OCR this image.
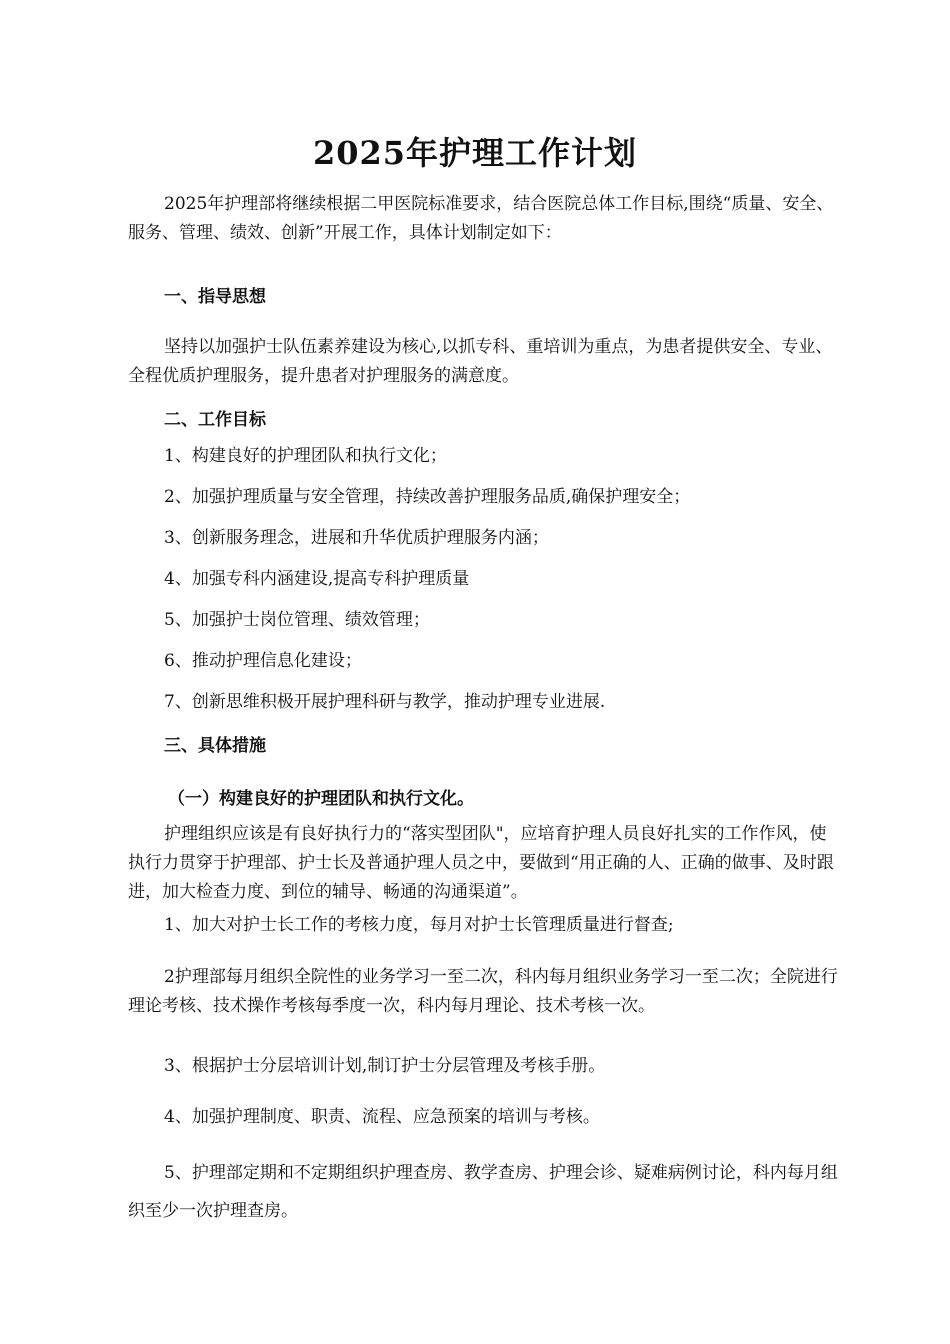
2025年护理工作计划
2025年护理部将继续根据二甲医院标准要求，结合医院总体工作目标,围绕“质量、安全、服务、管理、绩效、创新”开展工作，具体计划制定如下：
一、指导思想
坚持以加强护士队伍素养建设为核心,以抓专科、重培训为重点，为患者提供安全、专业、全程优质护理服务，提升患者对护理服务的满意度。
二、工作目标
1、构建良好的护理团队和执行文化；
2、加强护理质量与安全管理，持续改善护理服务品质,确保护理安全；
3、创新服务理念，进展和升华优质护理服务内涵；
4、加强专科内涵建设,提高专科护理质量
5、加强护士岗位管理、绩效管理；
6、推动护理信息化建设；
7、创新思维积极开展护理科研与教学，推动护理专业进展.
三、具体措施
（一）构建良好的护理团队和执行文化。
护理组织应该是有良好执行力的“落实型团队"，应培育护理人员良好扎实的工作作风，使执行力贯穿于护理部、护士长及普通护理人员之中，要做到“用正确的人、正确的做事、及时跟进，加大检查力度、到位的辅导、畅通的沟通渠道”。
1、加大对护士长工作的考核力度，每月对护士长管理质量进行督查;
2护理部每月组织全院性的业务学习一至二次，科内每月组织业务学习一至二次；全院进行理论考核、技术操作考核每季度一次，科内每月理论、技术考核一次。
3、根据护士分层培训计划,制订护士分层管理及考核手册。
4、加强护理制度、职责、流程、应急预案的培训与考核。
5、护理部定期和不定期组织护理查房、教学查房、护理会诊、疑难病例讨论，科内每月组织至少一次护理查房。
